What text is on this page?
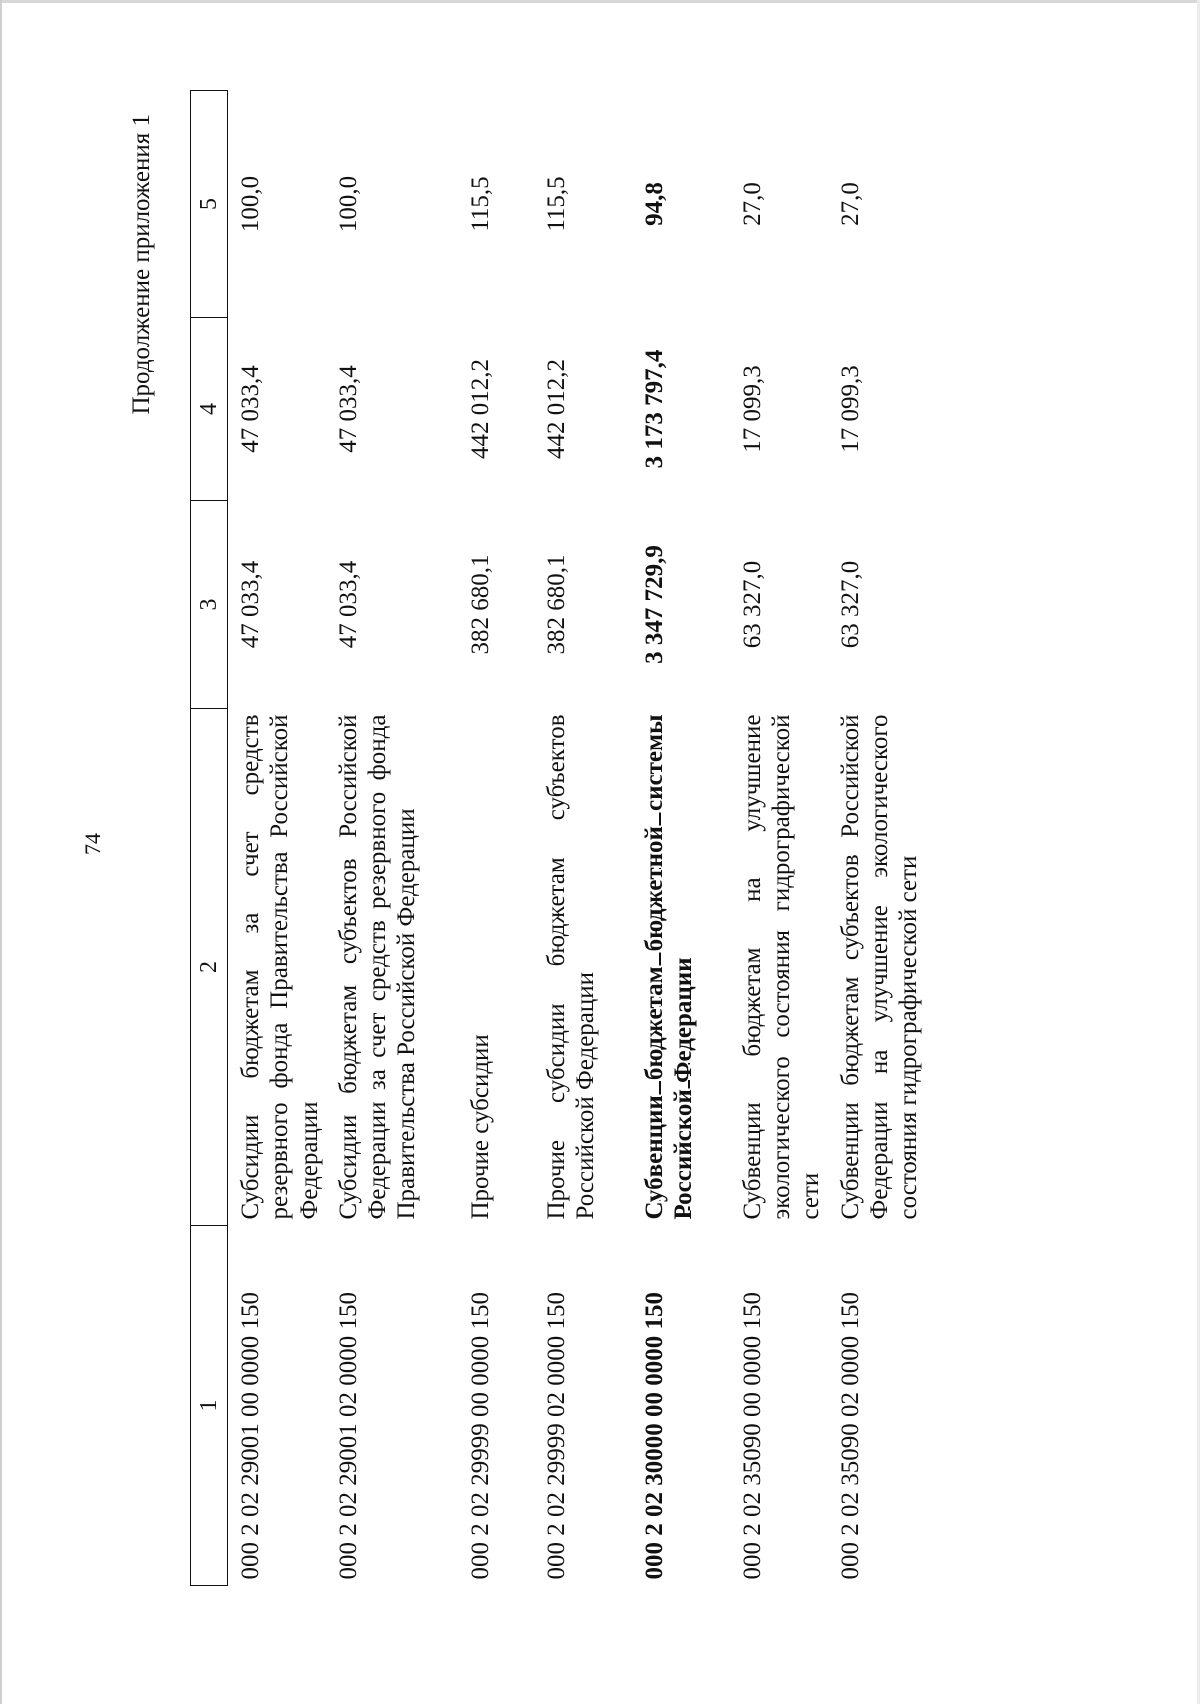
74
Продолжение приложения 1
1	2	3	4	5
000 2 02 29001 00 0000 150	Субсидии бюджетам за счет средств резервного фонда Правительства Российской Федерации	47 033,4	47 033,4	100,0
000 2 02 29001 02 0000 150	Субсидии бюджетам субъектов Российской Федерации за счет средств резервного фонда Правительства Российской Федерации	47 033,4	47 033,4	100,0
000 2 02 29999 00 0000 150	Прочие субсидии	382 680,1	442 012,2	115,5
000 2 02 29999 02 0000 150	Прочие субсидии бюджетам субъектов Российской Федерации	382 680,1	442 012,2	115,5
000 2 02 30000 00 0000 150	Субвенции бюджетам бюджетной системы Российской Федерации	3 347 729,9	3 173 797,4	94,8
000 2 02 35090 00 0000 150	Субвенции бюджетам на улучшение экологического состояния гидрографической сети	63 327,0	17 099,3	27,0
000 2 02 35090 02 0000 150	Субвенции бюджетам субъектов Российской Федерации на улучшение экологического состояния гидрографической сети	63 327,0	17 099,3	27,0
